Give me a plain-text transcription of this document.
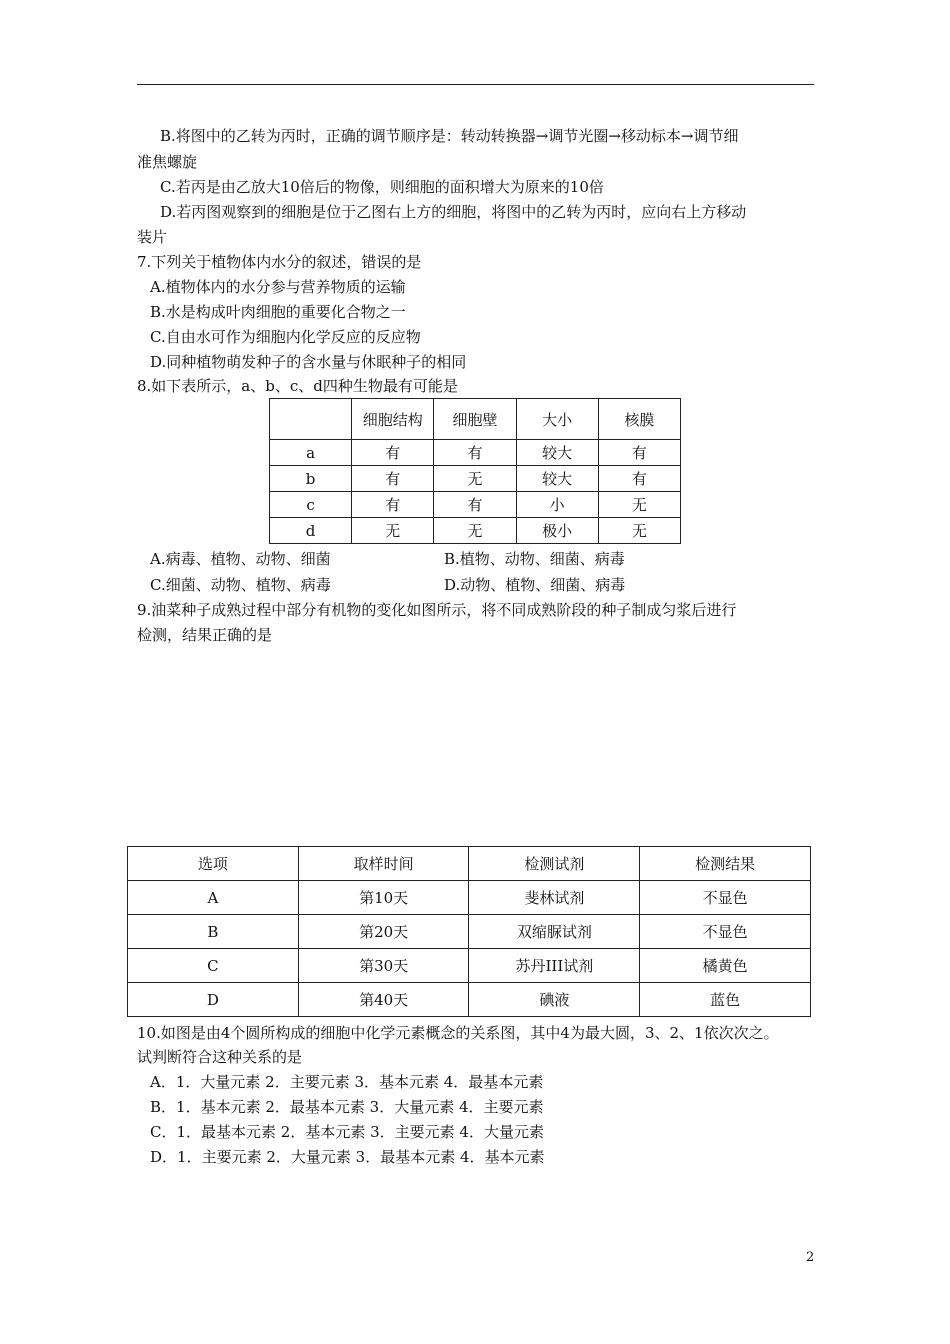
B.将图中的乙转为丙时，正确的调节顺序是：转动转换器→调节光圈→移动标本→调节细
准焦螺旋
C.若丙是由乙放大10倍后的物像，则细胞的面积增大为原来的10倍
D.若丙图观察到的细胞是位于乙图右上方的细胞，将图中的乙转为丙时，应向右上方移动
装片
7.下列关于植物体内水分的叙述，错误的是
A.植物体内的水分参与营养物质的运输
B.水是构成叶肉细胞的重要化合物之一
C.自由水可作为细胞内化学反应的反应物
D.同种植物萌发种子的含水量与休眠种子的相同
8.如下表所示，a、b、c、d四种生物最有可能是
	细胞结构	细胞壁	大小	核膜
a	有	有	较大	有
b	有	无	较大	有
c	有	有	小	无
d	无	无	极小	无
A.病毒、植物、动物、细菌	B.植物、动物、细菌、病毒
C.细菌、动物、植物、病毒	D.动物、植物、细菌、病毒
9.油菜种子成熟过程中部分有机物的变化如图所示，将不同成熟阶段的种子制成匀浆后进行
检测，结果正确的是
选项	取样时间	检测试剂	检测结果
A	第10天	斐林试剂	不显色
B	第20天	双缩脲试剂	不显色
C	第30天	苏丹III试剂	橘黄色
D	第40天	碘液	蓝色
10.如图是由4个圆所构成的细胞中化学元素概念的关系图，其中4为最大圆，3、2、1依次次之。
试判断符合这种关系的是
A．1．大量元素 2．主要元素 3．基本元素 4．最基本元素
B．1．基本元素 2．最基本元素 3．大量元素 4．主要元素
C．1．最基本元素 2．基本元素 3．主要元素 4．大量元素
D．1．主要元素 2．大量元素 3．最基本元素 4．基本元素
2
